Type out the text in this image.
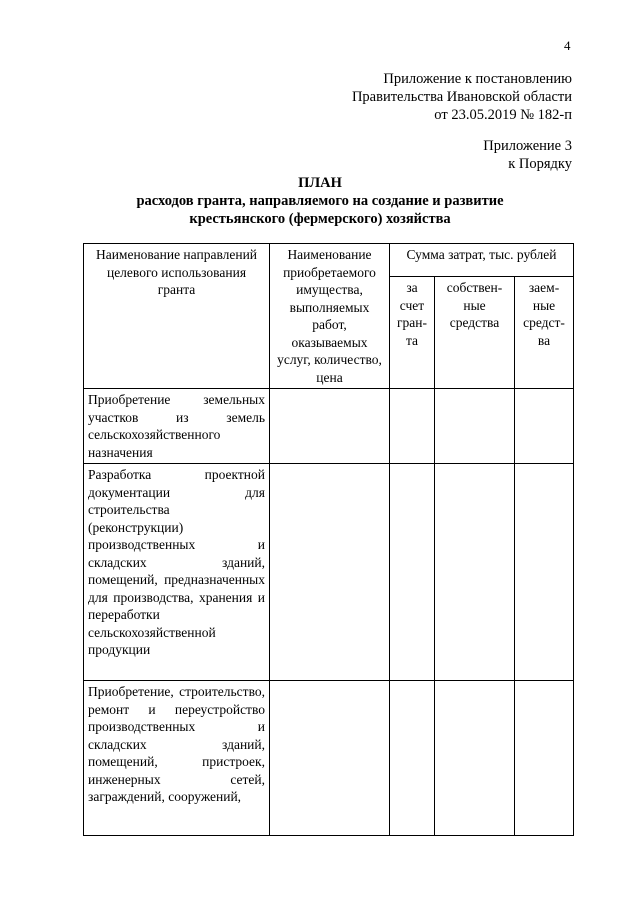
4
Приложение к постановлению
Правительства Ивановской области
от 23.05.2019 № 182-п
Приложение 3
к Порядку
ПЛАН
расходов гранта, направляемого на создание и развитие
крестьянского (фермерского) хозяйства
Наименование направлений целевого использования гранта	Наименование приобретаемого имущества, выполняемых работ, оказываемых услуг, количество, цена	Сумма затрат, тыс. рублей		
		за счет гран-та	собствен-ные средства	заем-ные средст-ва
Приобретение земельных участков из земель сельскохозяйственного назначения				
Разработка проектной документации для строительства (реконструкции) производственных и складских зданий, помещений, предназначенных для производства, хранения и переработки сельскохозяйственной продукции				
Приобретение, строительство, ремонт и переустройство производственных и складских зданий, помещений, пристроек, инженерных сетей, заграждений, сооружений,				
